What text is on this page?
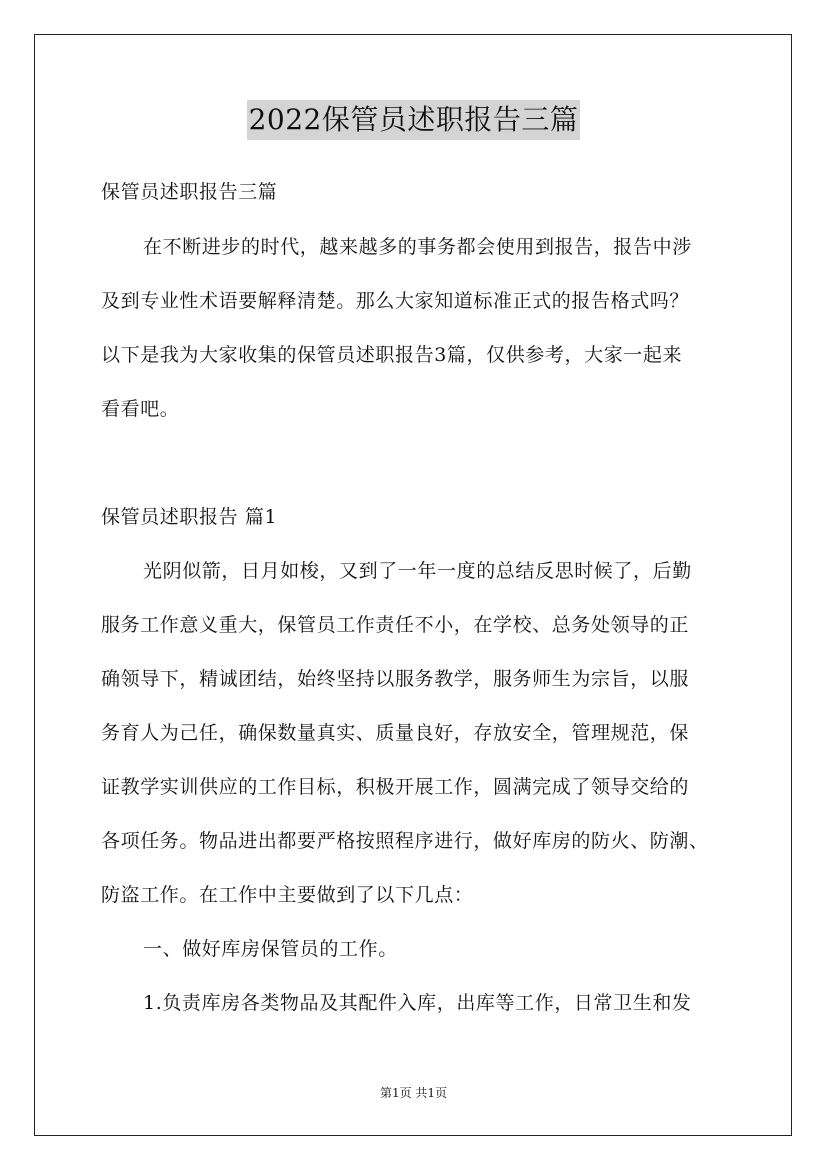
2022保管员述职报告三篇
保管员述职报告三篇
在不断进步的时代，越来越多的事务都会使用到报告，报告中涉
及到专业性术语要解释清楚。那么大家知道标准正式的报告格式吗？
以下是我为大家收集的保管员述职报告3篇，仅供参考，大家一起来
看看吧。
保管员述职报告 篇1
光阴似箭，日月如梭，又到了一年一度的总结反思时候了，后勤
服务工作意义重大，保管员工作责任不小，在学校、总务处领导的正
确领导下，精诚团结，始终坚持以服务教学，服务师生为宗旨，以服
务育人为己任，确保数量真实、质量良好，存放安全，管理规范，保
证教学实训供应的工作目标，积极开展工作，圆满完成了领导交给的
各项任务。物品进出都要严格按照程序进行，做好库房的防火、防潮、
防盗工作。在工作中主要做到了以下几点：
一、做好库房保管员的工作。
1.负责库房各类物品及其配件入库，出库等工作，日常卫生和发
第1页 共1页
